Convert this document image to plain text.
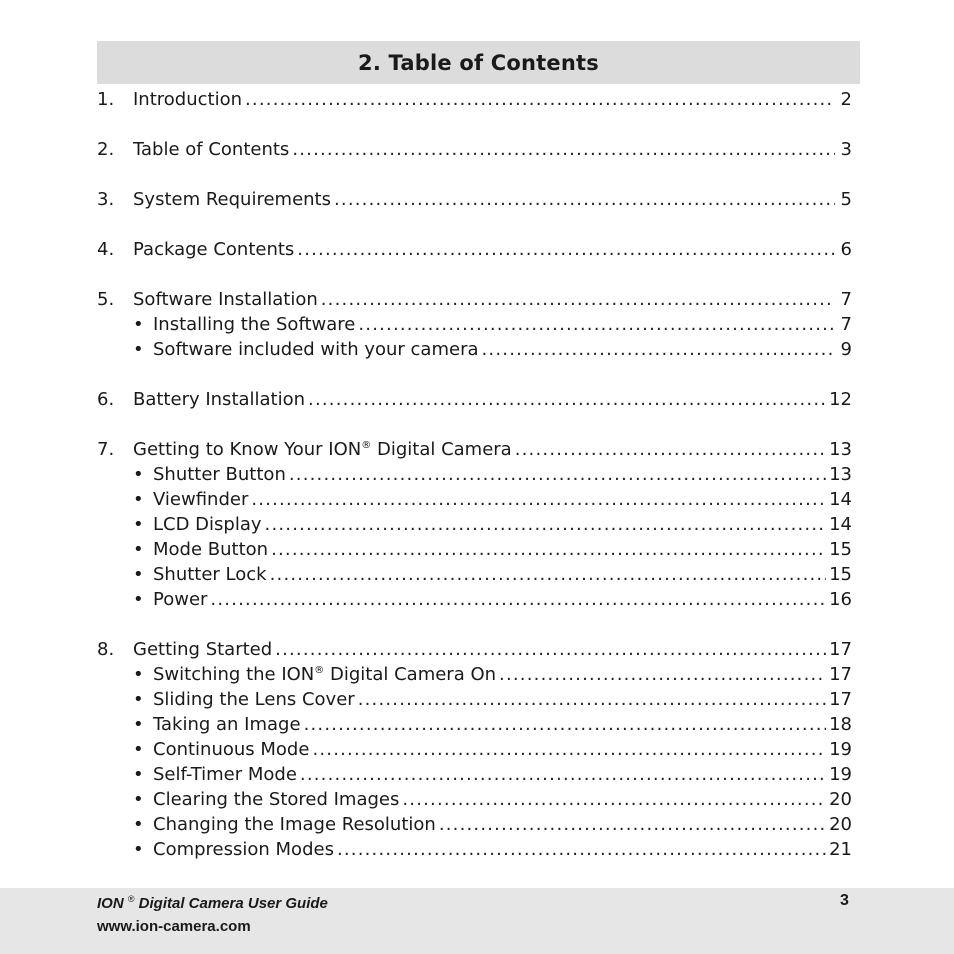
2. Table of Contents
1.	Introduction .....	2
2.	Table of Contents .....	3
3.	System Requirements .....	5
4.	Package Contents .....	6
5.	Software Installation .....	7
• Installing the Software .....	7
• Software included with your camera .....	9
6.	Battery Installation .....	12
7.	Getting to Know Your ION® Digital Camera .....	13
• Shutter Button .....	13
• Viewfinder .....	14
• LCD Display .....	14
• Mode Button .....	15
• Shutter Lock .....	15
• Power .....	16
8.	Getting Started .....	17
• Switching the ION® Digital Camera On .....	17
• Sliding the Lens Cover .....	17
• Taking an Image .....	18
• Continuous Mode .....	19
• Self-Timer Mode .....	19
• Clearing the Stored Images .....	20
• Changing the Image Resolution .....	20
• Compression Modes .....	21
ION ® Digital Camera User Guide
www.ion-camera.com
3
